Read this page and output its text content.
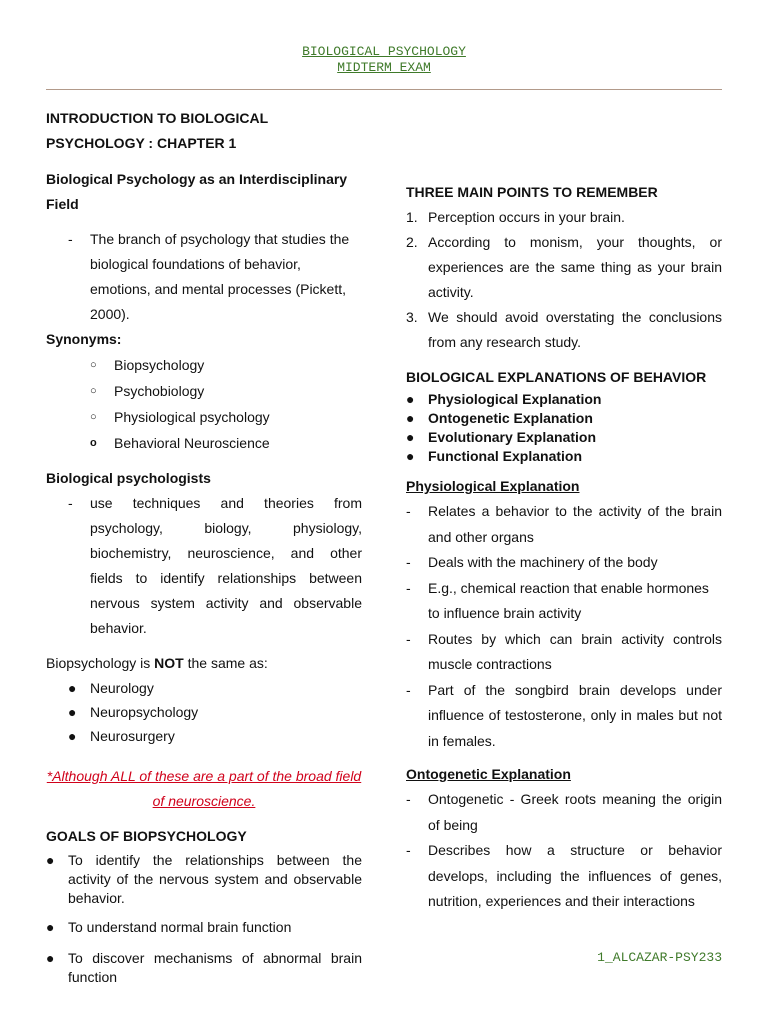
BIOLOGICAL PSYCHOLOGY
MIDTERM EXAM

INTRODUCTION TO BIOLOGICAL
PSYCHOLOGY : CHAPTER 1

Biological Psychology as an Interdisciplinary
Field

- The branch of psychology that studies the biological foundations of behavior, emotions, and mental processes (Pickett, 2000).

Synonyms:

○ Biopsychology
○ Psychobiology
○ Physiological psychology
o Behavioral Neuroscience

Biological psychologists

- use techniques and theories from psychology, biology, physiology, biochemistry, neuroscience, and other fields to identify relationships between nervous system activity and observable behavior.

Biopsychology is NOT the same as:

● Neurology
● Neuropsychology
● Neurosurgery
*Although ALL of these are a part of the broad field
of neuroscience.

GOALS OF BIOPSYCHOLOGY

● To identify the relationships between the activity of the nervous system and observable behavior.
● To understand normal brain function
● To discover mechanisms of abnormal brain function

THREE MAIN POINTS TO REMEMBER

1. Perception occurs in your brain.
2. According to monism, your thoughts, or experiences are the same thing as your brain activity.
3. We should avoid overstating the conclusions from any research study.

BIOLOGICAL EXPLANATIONS OF BEHAVIOR

● Physiological Explanation
● Ontogenetic Explanation
● Evolutionary Explanation
● Functional Explanation

Physiological Explanation

- Relates a behavior to the activity of the brain and other organs
- Deals with the machinery of the body
- E.g., chemical reaction that enable hormones to influence brain activity
- Routes by which can brain activity controls muscle contractions
- Part of the songbird brain develops under influence of testosterone, only in males but not in females.

Ontogenetic Explanation

- Ontogenetic - Greek roots meaning the origin of being
- Describes how a structure or behavior develops, including the influences of genes, nutrition, experiences and their interactions
1_ALCAZAR-PSY233
